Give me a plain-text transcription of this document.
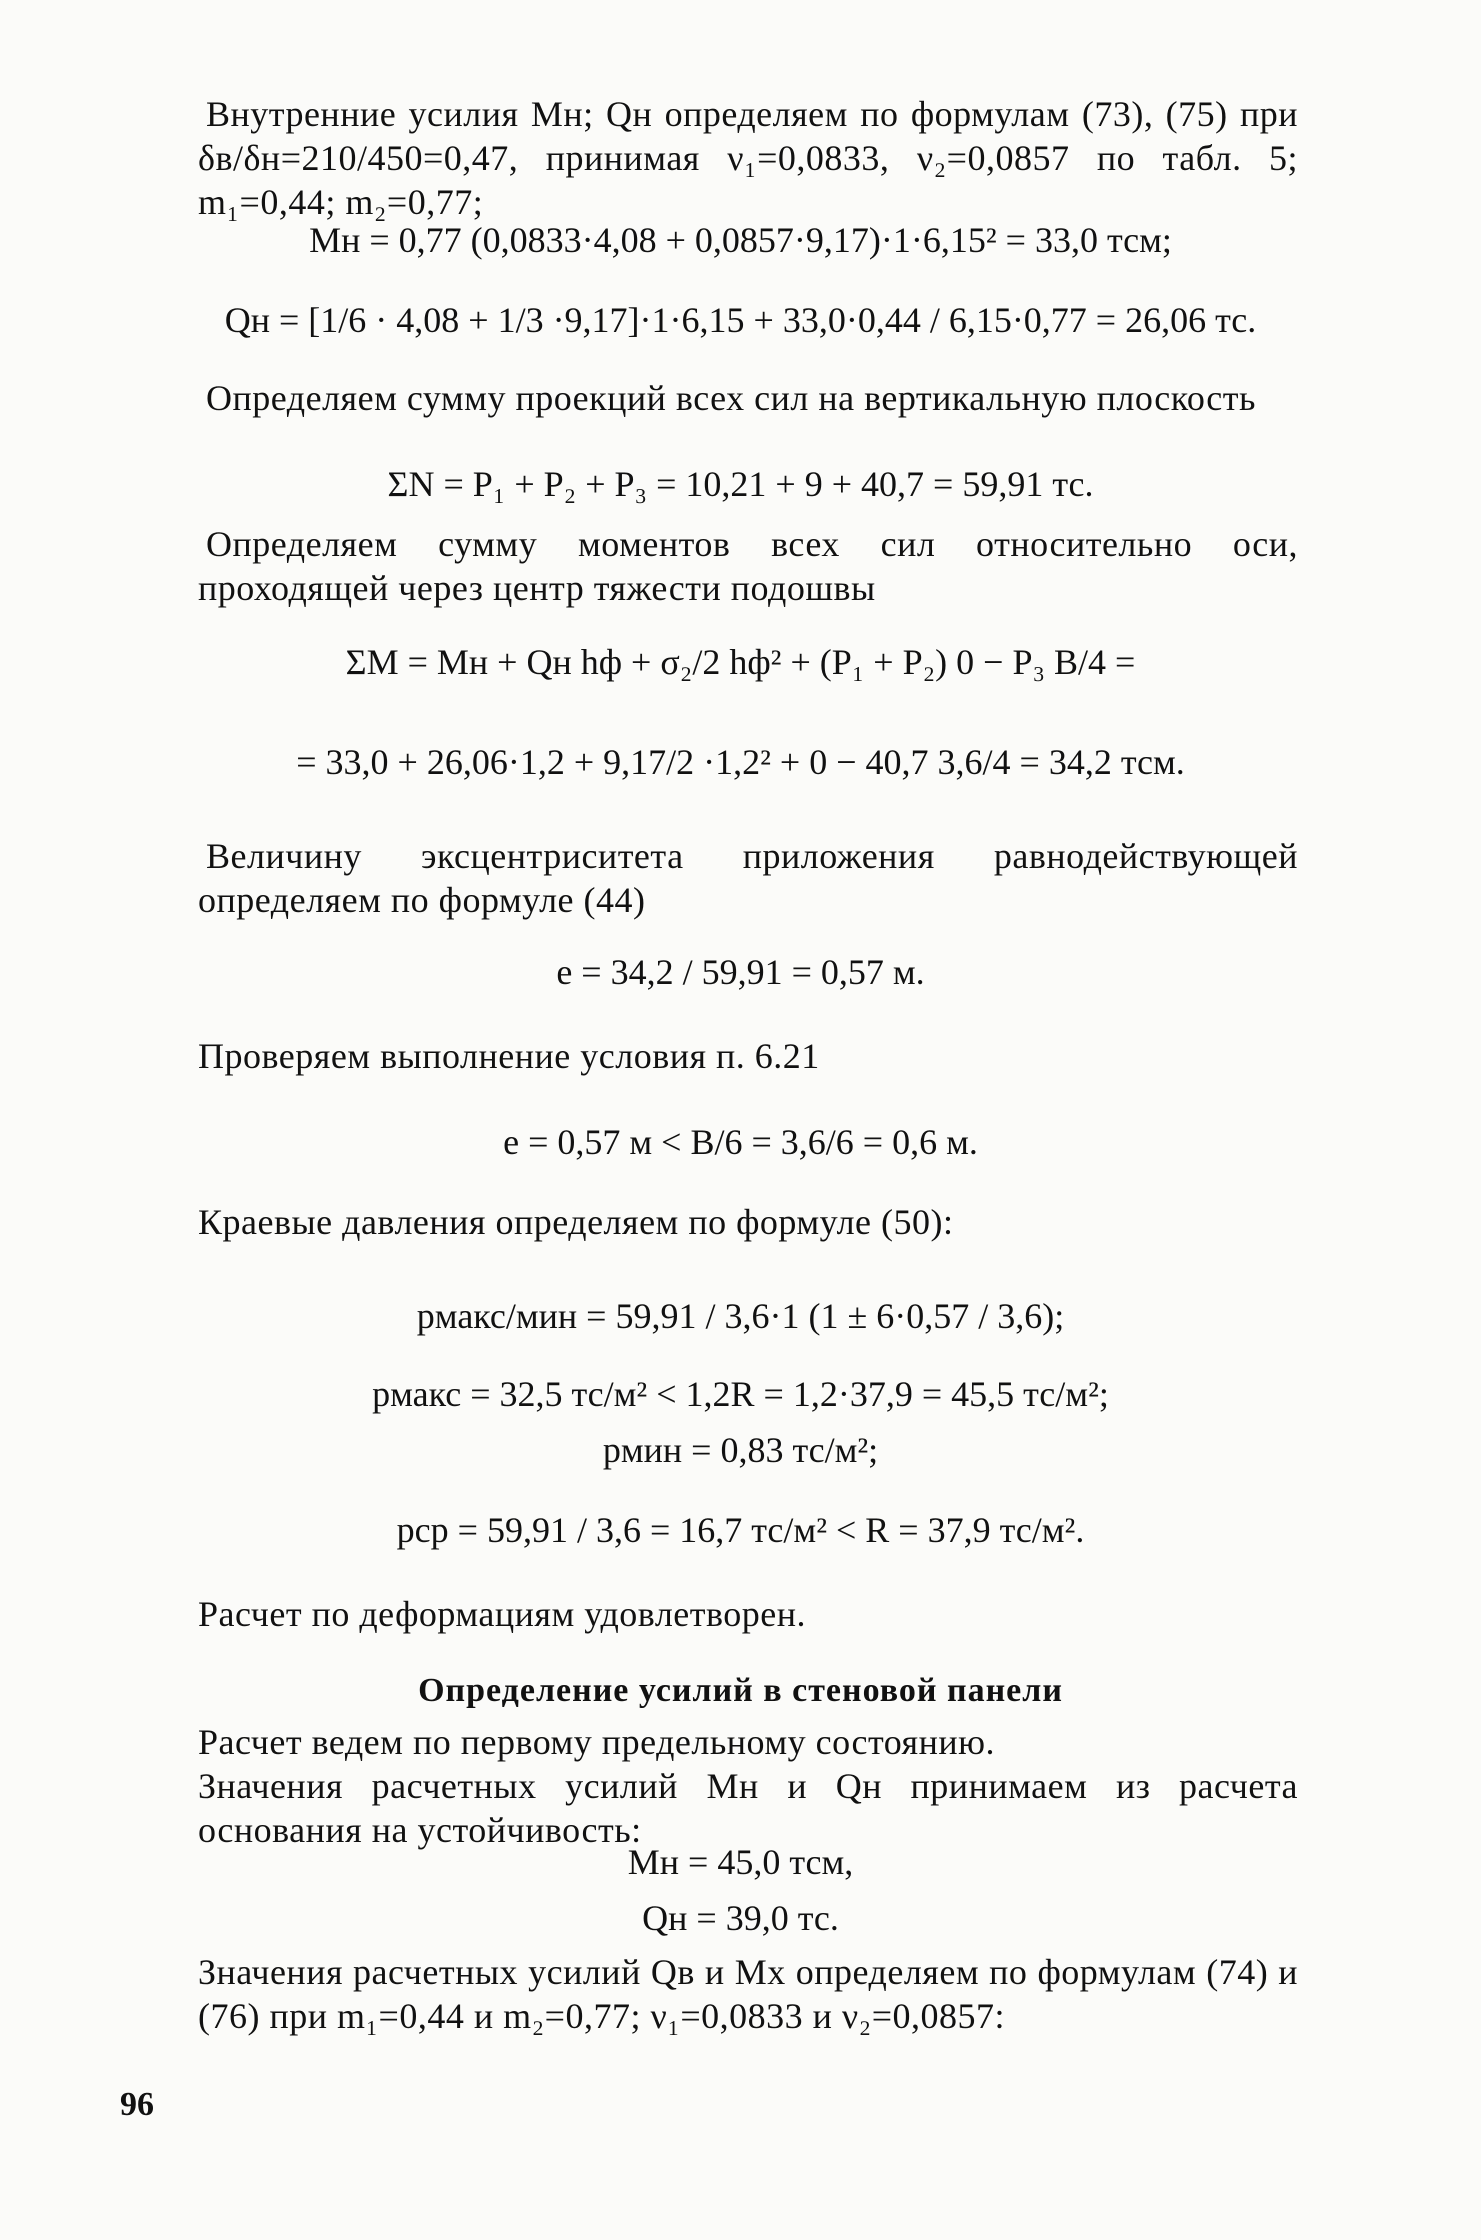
Внутренние усилия Mн; Qн определяем по формулам (73), (75) при δв/δн=210/450=0,47, принимая ν₁=0,0833, ν₂=0,0857 по табл. 5; m₁=0,44; m₂=0,77;
Mн = 0,77 (0,0833·4,08 + 0,0857·9,17)·1·6,15² = 33,0 тсм;
Qн = [1/6 · 4,08 + 1/3 ·9,17]·1·6,15 + 33,0·0,44 / 6,15·0,77 = 26,06 тс.
Определяем сумму проекций всех сил на вертикальную плоскость
ΣN = P₁ + P₂ + P₃ = 10,21 + 9 + 40,7 = 59,91 тс.
Определяем сумму моментов всех сил относительно оси, проходящей через центр тяжести подошвы
ΣM = Mн + Qн hф + σ₂/2 hф² + (P₁ + P₂) 0 − P₃ B/4 =
= 33,0 + 26,06·1,2 + 9,17/2 ·1,2² + 0 − 40,7 3,6/4 = 34,2 тсм.
Величину эксцентриситета приложения равнодействующей определяем по формуле (44)
e = 34,2 / 59,91 = 0,57 м.
Проверяем выполнение условия п. 6.21
e = 0,57 м < B/6 = 3,6/6 = 0,6 м.
Краевые давления определяем по формуле (50):
pмакс/мин = 59,91 / 3,6·1 (1 ± 6·0,57 / 3,6);
pмакс = 32,5 тс/м² < 1,2R = 1,2·37,9 = 45,5 тс/м²;
pмин = 0,83 тс/м²;
pср = 59,91 / 3,6 = 16,7 тс/м² < R = 37,9 тс/м².
Расчет по деформациям удовлетворен.
Определение усилий в стеновой панели
Расчет ведем по первому предельному состоянию.
Значения расчетных усилий Mн и Qн принимаем из расчета основания на устойчивость:
Mн = 45,0 тсм,
Qн = 39,0 тс.
Значения расчетных усилий Qв и Mх определяем по формулам (74) и (76) при m₁=0,44 и m₂=0,77; ν₁=0,0833 и ν₂=0,0857:
96
